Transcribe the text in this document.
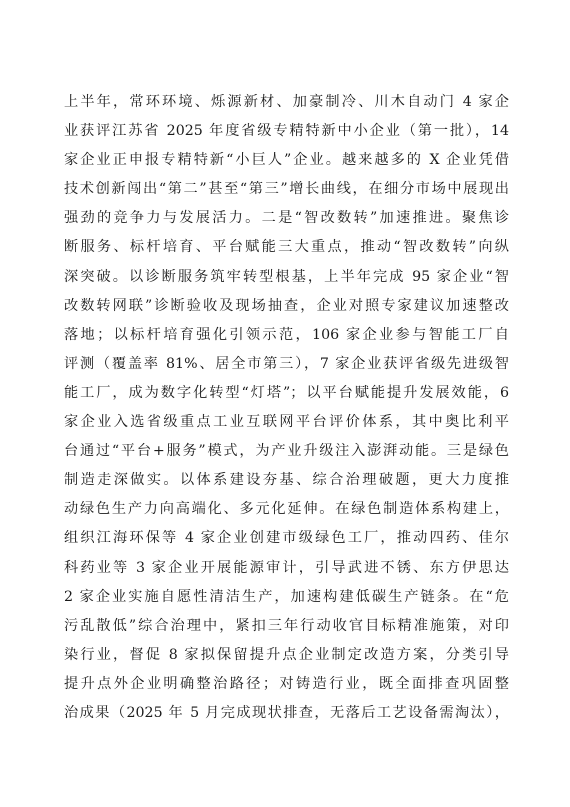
上半年，常环环境、烁源新材、加豪制冷、川木自动门 4 家企
业获评江苏省 2025 年度省级专精特新中小企业（第一批），14
家企业正申报专精特新“小巨人”企业。越来越多的 X 企业凭借
技术创新闯出“第二”甚至“第三”增长曲线，在细分市场中展现出
强劲的竞争力与发展活力。二是“智改数转”加速推进。聚焦诊
断服务、标杆培育、平台赋能三大重点，推动“智改数转”向纵
深突破。以诊断服务筑牢转型根基，上半年完成 95 家企业“智
改数转网联”诊断验收及现场抽查，企业对照专家建议加速整改
落地；以标杆培育强化引领示范，106 家企业参与智能工厂自
评测（覆盖率 81%、居全市第三），7 家企业获评省级先进级智
能工厂，成为数字化转型“灯塔”；以平台赋能提升发展效能，6
家企业入选省级重点工业互联网平台评价体系，其中奥比利平
台通过“平台+服务”模式，为产业升级注入澎湃动能。三是绿色
制造走深做实。以体系建设夯基、综合治理破题，更大力度推
动绿色生产力向高端化、多元化延伸。在绿色制造体系构建上，
组织江海环保等 4 家企业创建市级绿色工厂，推动四药、佳尔
科药业等 3 家企业开展能源审计，引导武进不锈、东方伊思达
2 家企业实施自愿性清洁生产，加速构建低碳生产链条。在“危
污乱散低”综合治理中，紧扣三年行动收官目标精准施策，对印
染行业，督促 8 家拟保留提升点企业制定改造方案，分类引导
提升点外企业明确整治路径；对铸造行业，既全面排查巩固整
治成果（2025 年 5 月完成现状排查，无落后工艺设备需淘汰），
